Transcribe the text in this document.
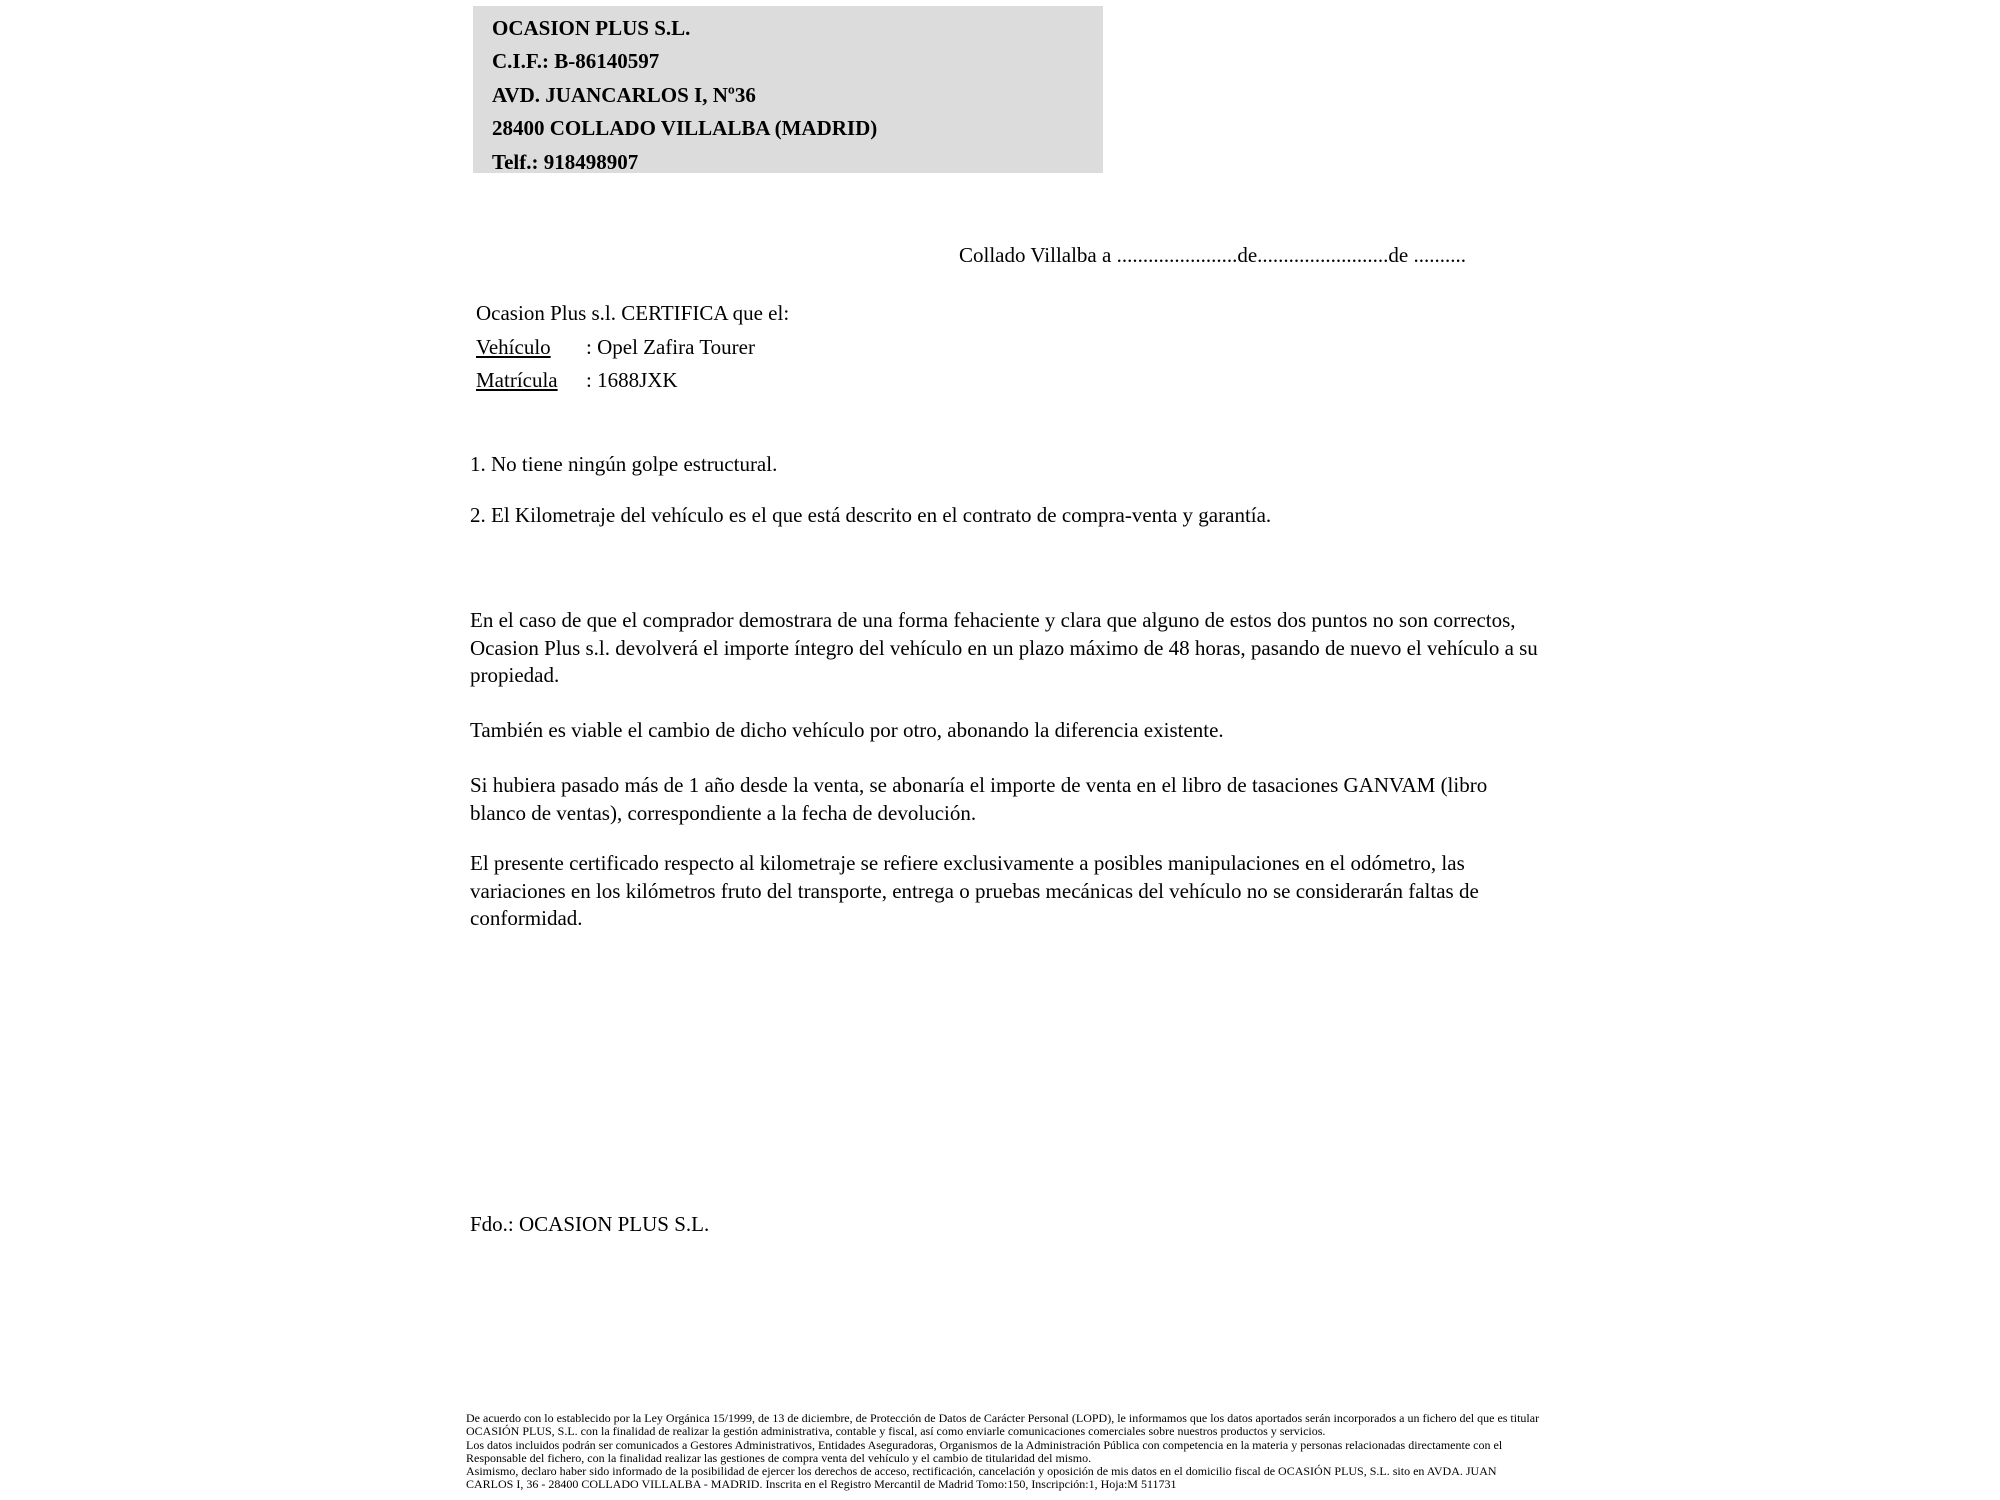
OCASION PLUS S.L.
C.I.F.: B-86140597
AVD. JUANCARLOS I, Nº36
28400 COLLADO VILLALBA (MADRID)
Telf.: 918498907
Collado Villalba a .......................de.........................de ..........
Ocasion Plus s.l. CERTIFICA que el:
Vehículo : Opel Zafira Tourer
Matrícula : 1688JXK
1. No tiene ningún golpe estructural.
2. El Kilometraje del vehículo es el que está descrito en el contrato de compra-venta y garantía.
En el caso de que el comprador demostrara de una forma fehaciente y clara que alguno de estos dos puntos no son correctos, Ocasion Plus s.l. devolverá el importe íntegro del vehículo en un plazo máximo de 48 horas, pasando de nuevo el vehículo a su propiedad.
También es viable el cambio de dicho vehículo por otro, abonando la diferencia existente.
Si hubiera pasado más de 1 año desde la venta, se abonaría el importe de venta en el libro de tasaciones GANVAM (libro blanco de ventas), correspondiente a la fecha de devolución.
El presente certificado respecto al kilometraje se refiere exclusivamente a posibles manipulaciones en el odómetro, las variaciones en los kilómetros fruto del transporte, entrega o pruebas mecánicas del vehículo no se considerarán faltas de conformidad.
Fdo.: OCASION PLUS S.L.
De acuerdo con lo establecido por la Ley Orgánica 15/1999, de 13 de diciembre, de Protección de Datos de Carácter Personal (LOPD), le informamos que los datos aportados serán incorporados a un fichero del que es titular
OCASIÓN PLUS, S.L. con la finalidad de realizar la gestión administrativa, contable y fiscal, así como enviarle comunicaciones comerciales sobre nuestros productos y servicios.
Los datos incluidos podrán ser comunicados a Gestores Administrativos, Entidades Aseguradoras, Organismos de la Administración Pública con competencia en la materia y personas relacionadas directamente con el
Responsable del fichero, con la finalidad realizar las gestiones de compra venta del vehículo y el cambio de titularidad del mismo.
Asimismo, declaro haber sido informado de la posibilidad de ejercer los derechos de acceso, rectificación, cancelación y oposición de mis datos en el domicilio fiscal de OCASIÓN PLUS, S.L. sito en AVDA. JUAN
CARLOS I, 36 - 28400 COLLADO VILLALBA - MADRID. Inscrita en el Registro Mercantil de Madrid Tomo:150, Inscripción:1, Hoja:M 511731
